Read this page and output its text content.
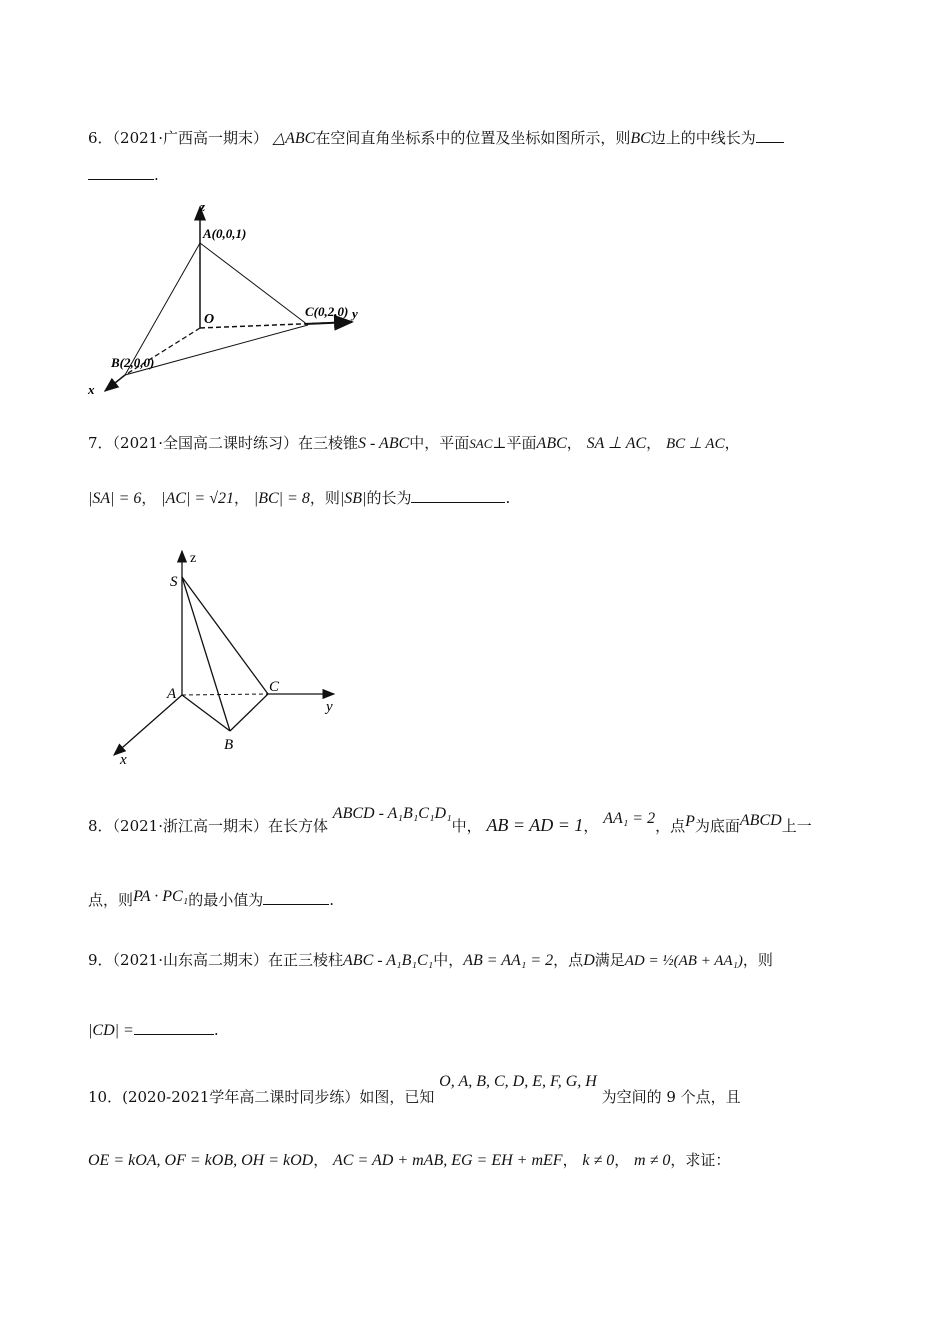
6．（2021·广西高一期末） △ABC在空间直角坐标系中的位置及坐标如图所示，则BC边上的中线长为
.
z
A(0,0,1)
O
C(0,2,0) y
B(2,0,0)
x
7．（2021·全国高二课时练习）在三棱锥S - ABC中，平面SAC⊥平面ABC， SA ⊥ AC， BC ⊥ AC，
|SA| = 6， |AC| = √21， |BC| = 8，则|SB|的长为	.
z
S
A	C
y
B
x
8．（2021·浙江高一期末）在长方体 ABCD - A₁B₁C₁D₁中， AB = AD = 1， AA₁ = 2，点P为底面ABCD上一
点，则PA · PC₁的最小值为	.
9．（2021·山东高二期末）在正三棱柱ABC - A₁B₁C₁中，AB = AA₁ = 2，点D满足AD = ½(AB + AA₁)，则
|CD| =	.
10．(2020-2021学年高二课时同步练）如图，已知 O, A, B, C, D, E, F, G, H 为空间的 9 个点，且
OE = kOA, OF = kOB, OH = kOD， AC = AD + mAB, EG = EH + mEF， k ≠ 0， m ≠ 0，求证：
